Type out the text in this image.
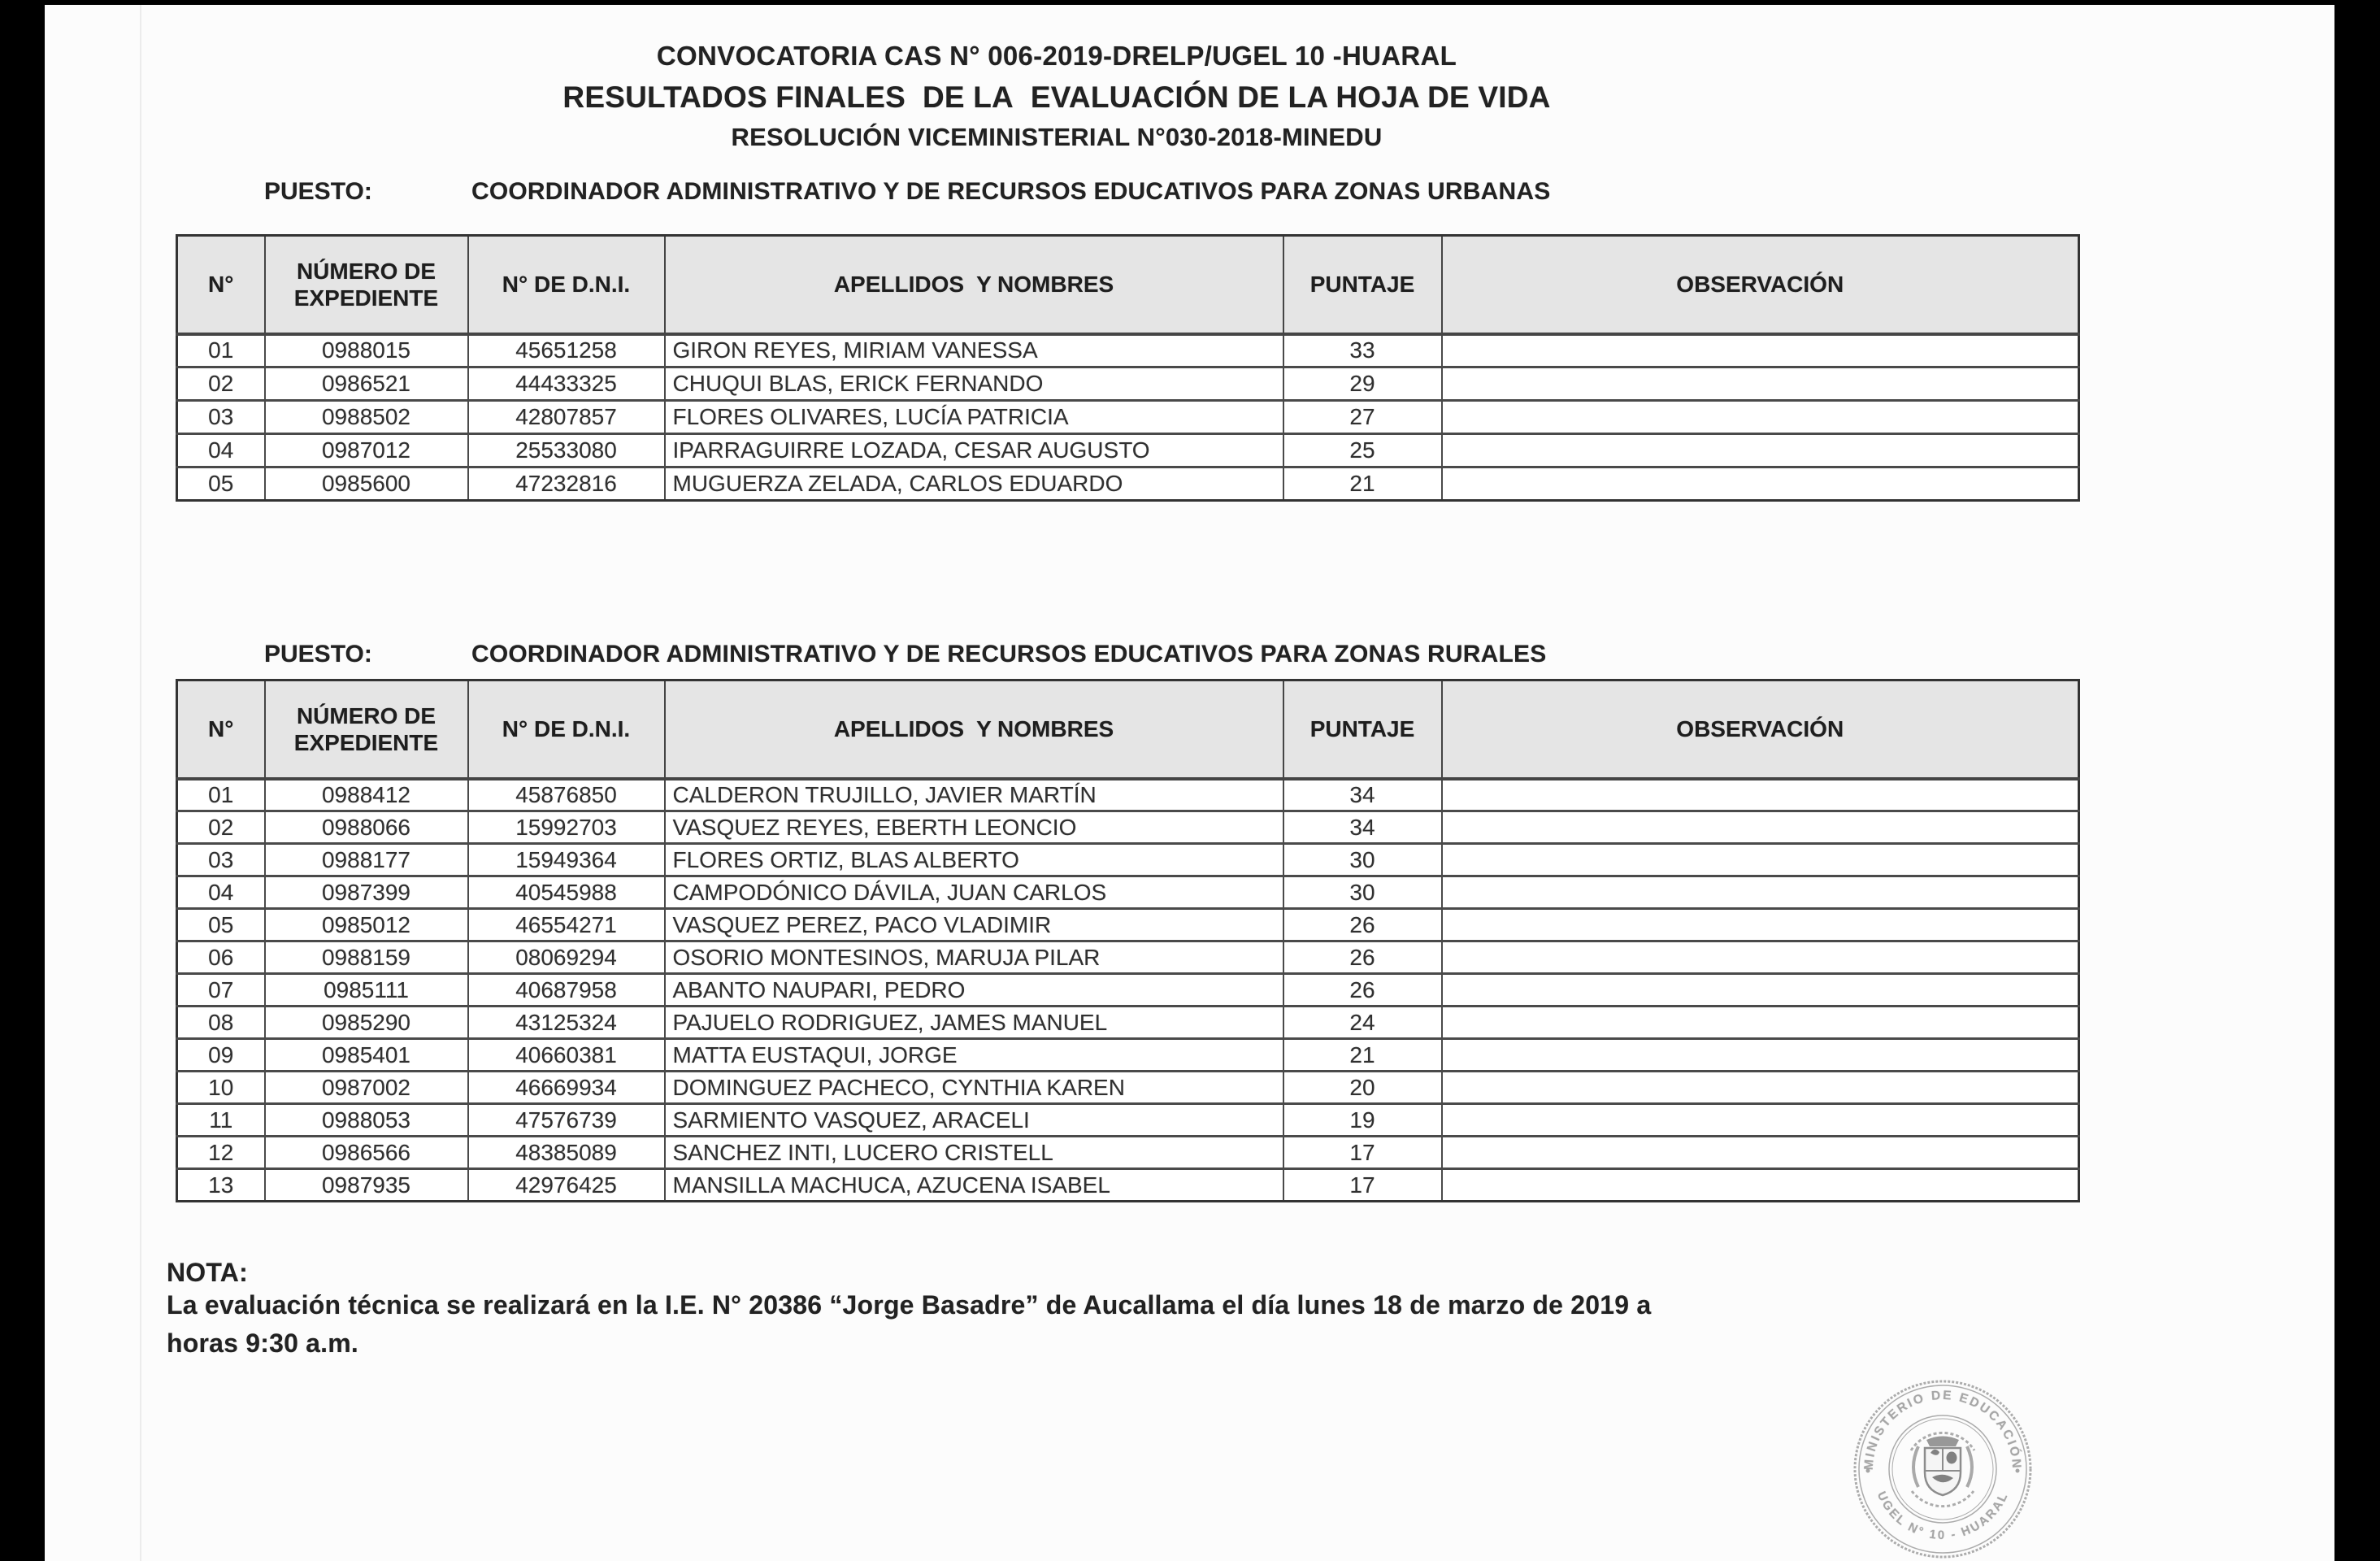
CONVOCATORIA CAS N° 006-2019-DRELP/UGEL 10 -HUARAL
RESULTADOS FINALES  DE LA  EVALUACIÓN DE LA HOJA DE VIDA
RESOLUCIÓN VICEMINISTERIAL N°030-2018-MINEDU
PUESTO:	COORDINADOR ADMINISTRATIVO Y DE RECURSOS EDUCATIVOS PARA ZONAS URBANAS
N°	NÚMERO DE EXPEDIENTE	N° DE D.N.I.	APELLIDOS  Y NOMBRES	PUNTAJE	OBSERVACIÓN
01	0988015	45651258	GIRON REYES, MIRIAM VANESSA	33	
02	0986521	44433325	CHUQUI BLAS, ERICK FERNANDO	29	
03	0988502	42807857	FLORES OLIVARES, LUCÍA PATRICIA	27	
04	0987012	25533080	IPARRAGUIRRE LOZADA, CESAR AUGUSTO	25	
05	0985600	47232816	MUGUERZA ZELADA, CARLOS EDUARDO	21	
PUESTO:	COORDINADOR ADMINISTRATIVO Y DE RECURSOS EDUCATIVOS PARA ZONAS RURALES
N°	NÚMERO DE EXPEDIENTE	N° DE D.N.I.	APELLIDOS  Y NOMBRES	PUNTAJE	OBSERVACIÓN
01	0988412	45876850	CALDERON TRUJILLO, JAVIER MARTÍN	34	
02	0988066	15992703	VASQUEZ REYES, EBERTH LEONCIO	34	
03	0988177	15949364	FLORES ORTIZ, BLAS ALBERTO	30	
04	0987399	40545988	CAMPODÓNICO DÁVILA, JUAN CARLOS	30	
05	0985012	46554271	VASQUEZ PEREZ, PACO VLADIMIR	26	
06	0988159	08069294	OSORIO MONTESINOS, MARUJA PILAR	26	
07	0985111	40687958	ABANTO NAUPARI, PEDRO	26	
08	0985290	43125324	PAJUELO RODRIGUEZ, JAMES MANUEL	24	
09	0985401	40660381	MATTA EUSTAQUI, JORGE	21	
10	0987002	46669934	DOMINGUEZ PACHECO, CYNTHIA KAREN	20	
11	0988053	47576739	SARMIENTO VASQUEZ, ARACELI	19	
12	0986566	48385089	SANCHEZ INTI, LUCERO CRISTELL	17	
13	0987935	42976425	MANSILLA MACHUCA, AZUCENA ISABEL	17	
NOTA:
La evaluación técnica se realizará en la I.E. N° 20386 “Jorge Basadre” de Aucallama el día lunes 18 de marzo de 2019 a
horas 9:30 a.m.
MINISTERIO DE EDUCACIÓN
UGEL N° 10 - HUARAL
